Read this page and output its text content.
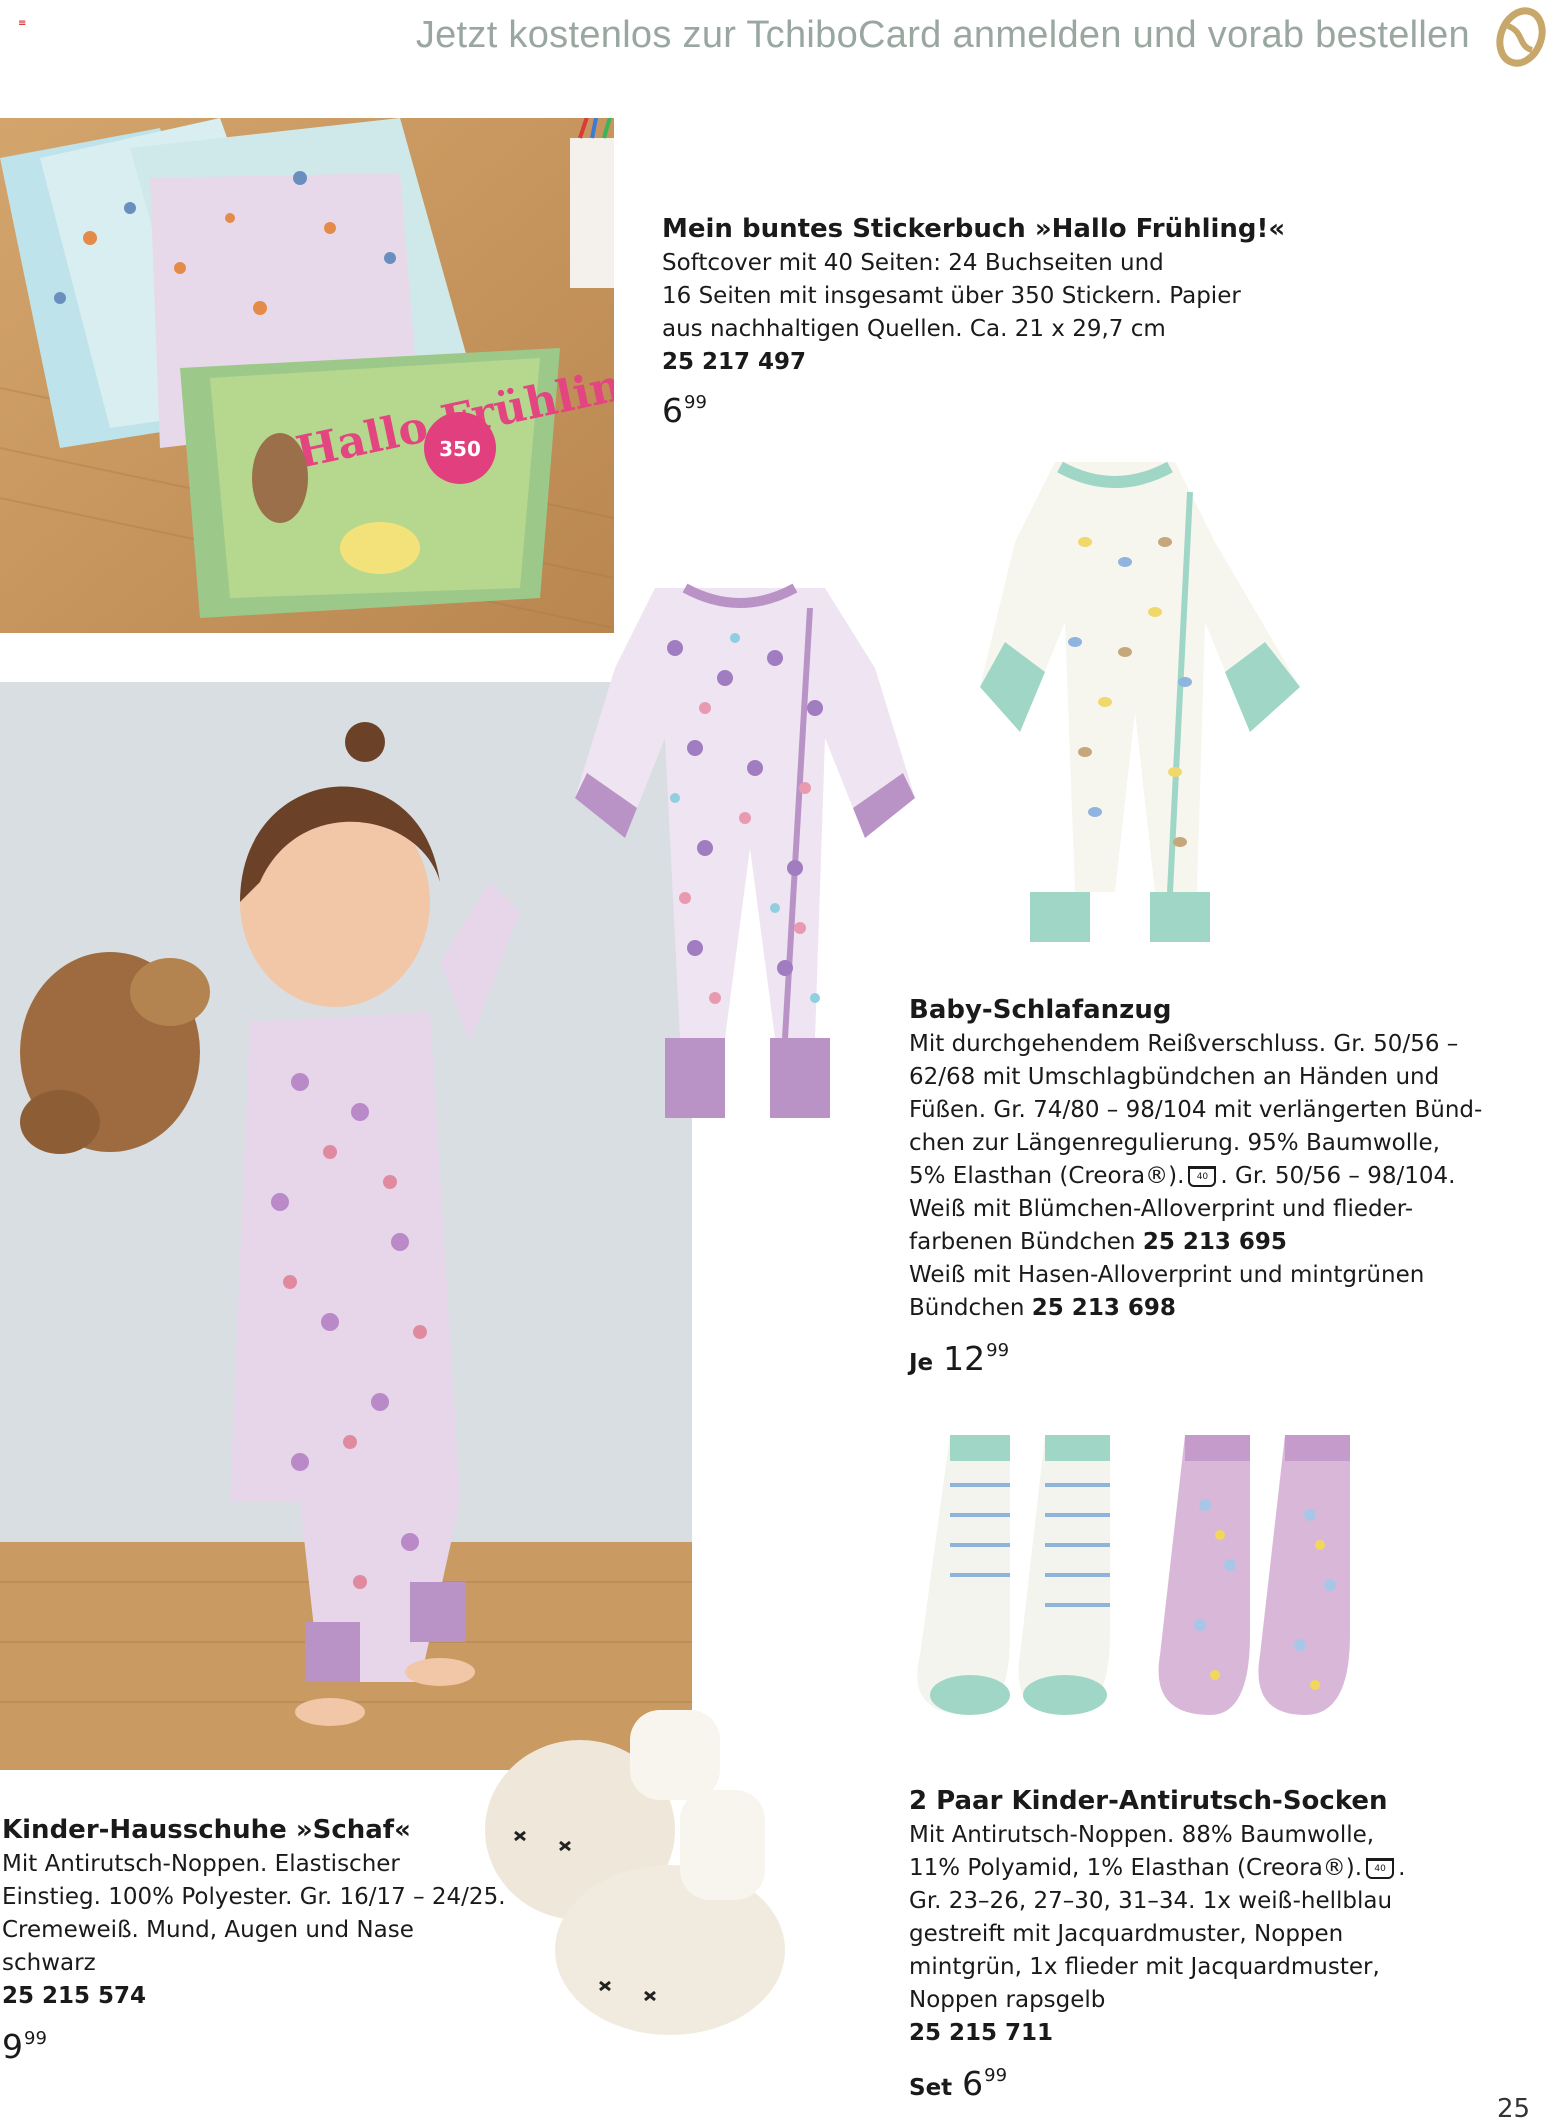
≡	Jetzt kostenlos zur TchiboCard anmelden und vorab bestellen
Hallo Frühling!
350
Mein buntes Stickerbuch »Hallo Frühling!«
Softcover mit 40 Seiten: 24 Buchseiten und
16 Seiten mit insgesamt über 350 Stickern. Papier
aus nachhaltigen Quellen. Ca. 21 x 29,7 cm
25 217 497
$6^{99}$
Baby-Schlafanzug
Mit durchgehendem Reißverschluss. Gr. 50/56 –
62/68 mit Umschlagbündchen an Händen und
Füßen. Gr. 74/80 – 98/104 mit verlängerten Bünd-
chen zur Längenregulierung. 95% Baumwolle,
5% Elasthan (Creora®). 40 . Gr. 50/56 – 98/104.
Weiß mit Blümchen-Alloverprint und flieder-
farbenen Bündchen 25 213 695
Weiß mit Hasen-Alloverprint und mintgrünen
Bündchen 25 213 698
Je $12^{99}$
Kinder-Hausschuhe »Schaf«
Mit Antirutsch-Noppen. Elastischer
Einstieg. 100% Polyester. Gr. 16/17 – 24/25.
Cremeweiß. Mund, Augen und Nase
schwarz
25 215 574
$9^{99}$
2 Paar Kinder-Antirutsch-Socken
Mit Antirutsch-Noppen. 88% Baumwolle,
11% Polyamid, 1% Elasthan (Creora®). 40 .
Gr. 23–26, 27–30, 31–34. 1x weiß-hellblau
gestreift mit Jacquardmuster, Noppen
mintgrün, 1x flieder mit Jacquardmuster,
Noppen rapsgelb
25 215 711
Set $6^{99}$
25
